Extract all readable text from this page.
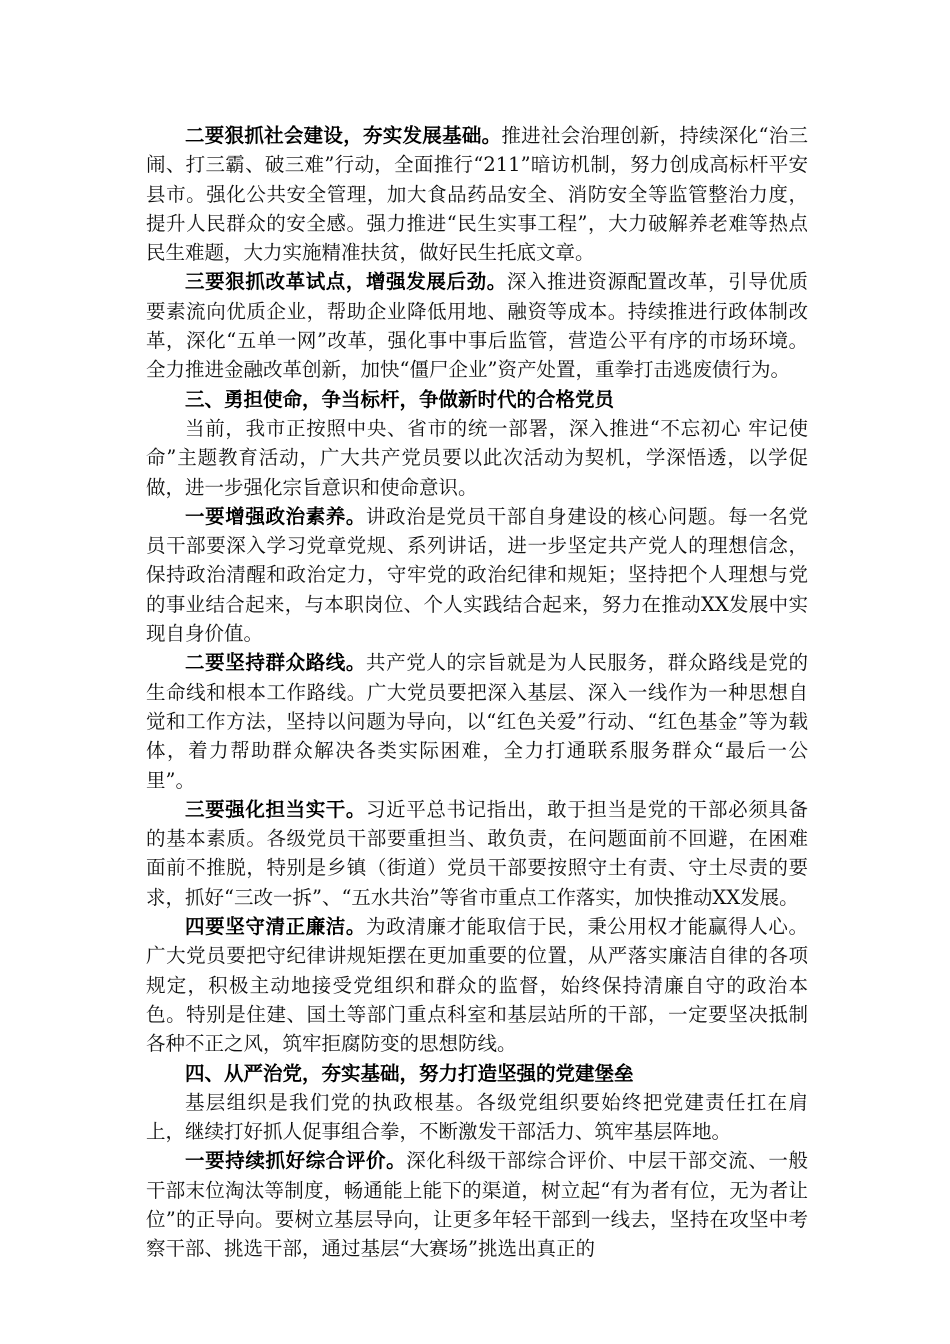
二要狠抓社会建设，夯实发展基础。推进社会治理创新，持续深化“治三闹、打三霸、破三难”行动，全面推行“211”暗访机制，努力创成高标杆平安县市。强化公共安全管理，加大食品药品安全、消防安全等监管整治力度，提升人民群众的安全感。强力推进“民生实事工程”，大力破解养老难等热点民生难题，大力实施精准扶贫，做好民生托底文章。

三要狠抓改革试点，增强发展后劲。深入推进资源配置改革，引导优质要素流向优质企业，帮助企业降低用地、融资等成本。持续推进行政体制改革，深化“五单一网”改革，强化事中事后监管，营造公平有序的市场环境。全力推进金融改革创新，加快“僵尸企业”资产处置，重拳打击逃废债行为。

三、勇担使命，争当标杆，争做新时代的合格党员

当前，我市正按照中央、省市的统一部署，深入推进“不忘初心 牢记使命”主题教育活动，广大共产党员要以此次活动为契机，学深悟透，以学促做，进一步强化宗旨意识和使命意识。

一要增强政治素养。讲政治是党员干部自身建设的核心问题。每一名党员干部要深入学习党章党规、系列讲话，进一步坚定共产党人的理想信念，保持政治清醒和政治定力，守牢党的政治纪律和规矩；坚持把个人理想与党的事业结合起来，与本职岗位、个人实践结合起来，努力在推动XX发展中实现自身价值。

二要坚持群众路线。共产党人的宗旨就是为人民服务，群众路线是党的生命线和根本工作路线。广大党员要把深入基层、深入一线作为一种思想自觉和工作方法，坚持以问题为导向，以“红色关爱”行动、“红色基金”等为载体，着力帮助群众解决各类实际困难，全力打通联系服务群众“最后一公里”。

三要强化担当实干。习近平总书记指出，敢于担当是党的干部必须具备的基本素质。各级党员干部要重担当、敢负责，在问题面前不回避，在困难面前不推脱，特别是乡镇（街道）党员干部要按照守土有责、守土尽责的要求，抓好“三改一拆”、“五水共治”等省市重点工作落实，加快推动XX发展。

四要坚守清正廉洁。为政清廉才能取信于民，秉公用权才能赢得人心。广大党员要把守纪律讲规矩摆在更加重要的位置，从严落实廉洁自律的各项规定，积极主动地接受党组织和群众的监督，始终保持清廉自守的政治本色。特别是住建、国土等部门重点科室和基层站所的干部，一定要坚决抵制各种不正之风，筑牢拒腐防变的思想防线。

四、从严治党，夯实基础，努力打造坚强的党建堡垒

基层组织是我们党的执政根基。各级党组织要始终把党建责任扛在肩上，继续打好抓人促事组合拳，不断激发干部活力、筑牢基层阵地。

一要持续抓好综合评价。深化科级干部综合评价、中层干部交流、一般干部末位淘汰等制度，畅通能上能下的渠道，树立起“有为者有位，无为者让位”的正导向。要树立基层导向，让更多年轻干部到一线去，坚持在攻坚中考察干部、挑选干部，通过基层“大赛场”挑选出真正的
